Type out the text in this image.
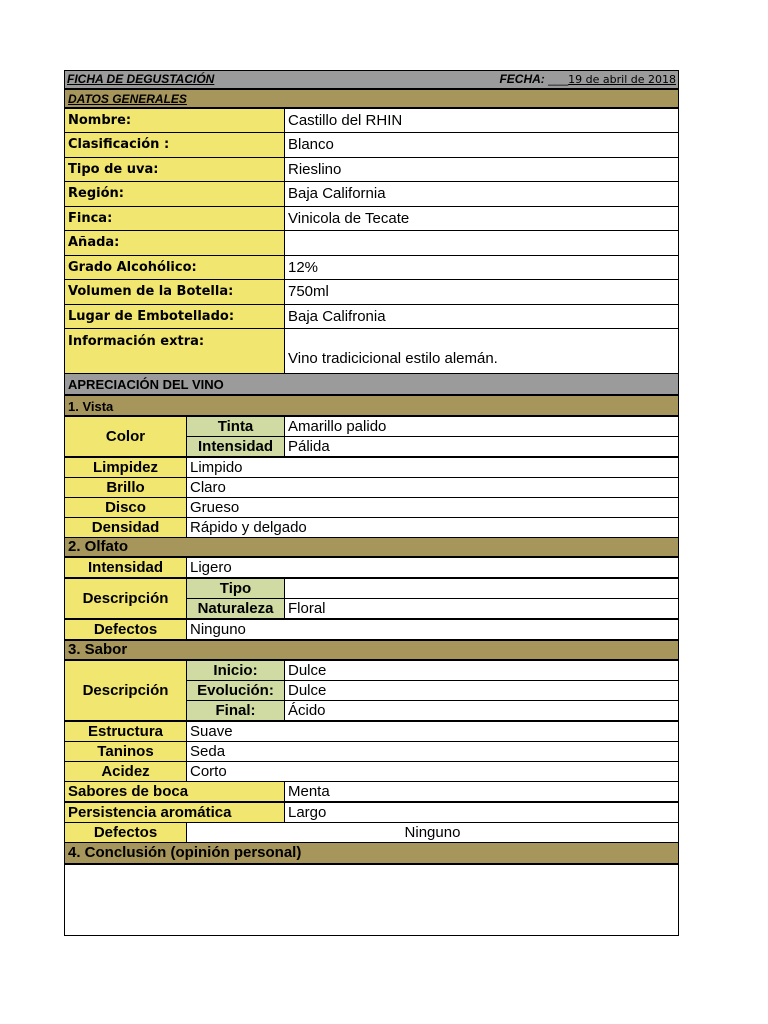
FICHA DE DEGUSTACIÓN	FECHA: ___19 de abril de 2018
DATOS GENERALES
Nombre:	Castillo del RHIN
Clasificación :	Blanco
Tipo de uva:	Rieslino
Región:	Baja California
Finca:	Vinicola de Tecate
Añada:
Grado Alcohólico:	12%
Volumen de la Botella:	750ml
Lugar de Embotellado:	Baja Califronia
Información extra:
Vino tradicicional estilo alemán.
APRECIACIÓN DEL VINO
1. Vista
Color
Tinta	Amarillo palido
Intensidad	Pálida
Limpidez	Limpido
Brillo	Claro
Disco	Grueso
Densidad	Rápido y delgado
2. Olfato
Intensidad	Ligero
Descripción
Tipo
Naturaleza Floral
Defectos	Ninguno
3. Sabor
Descripción
Inicio:	Dulce
Evolución: Dulce
Final:	Ácido
Estructura	Suave
Taninos	Seda
Acidez	Corto
Sabores de boca	Menta
Persistencia aromática	Largo
Defectos	Ninguno
4. Conclusión (opinión personal)
